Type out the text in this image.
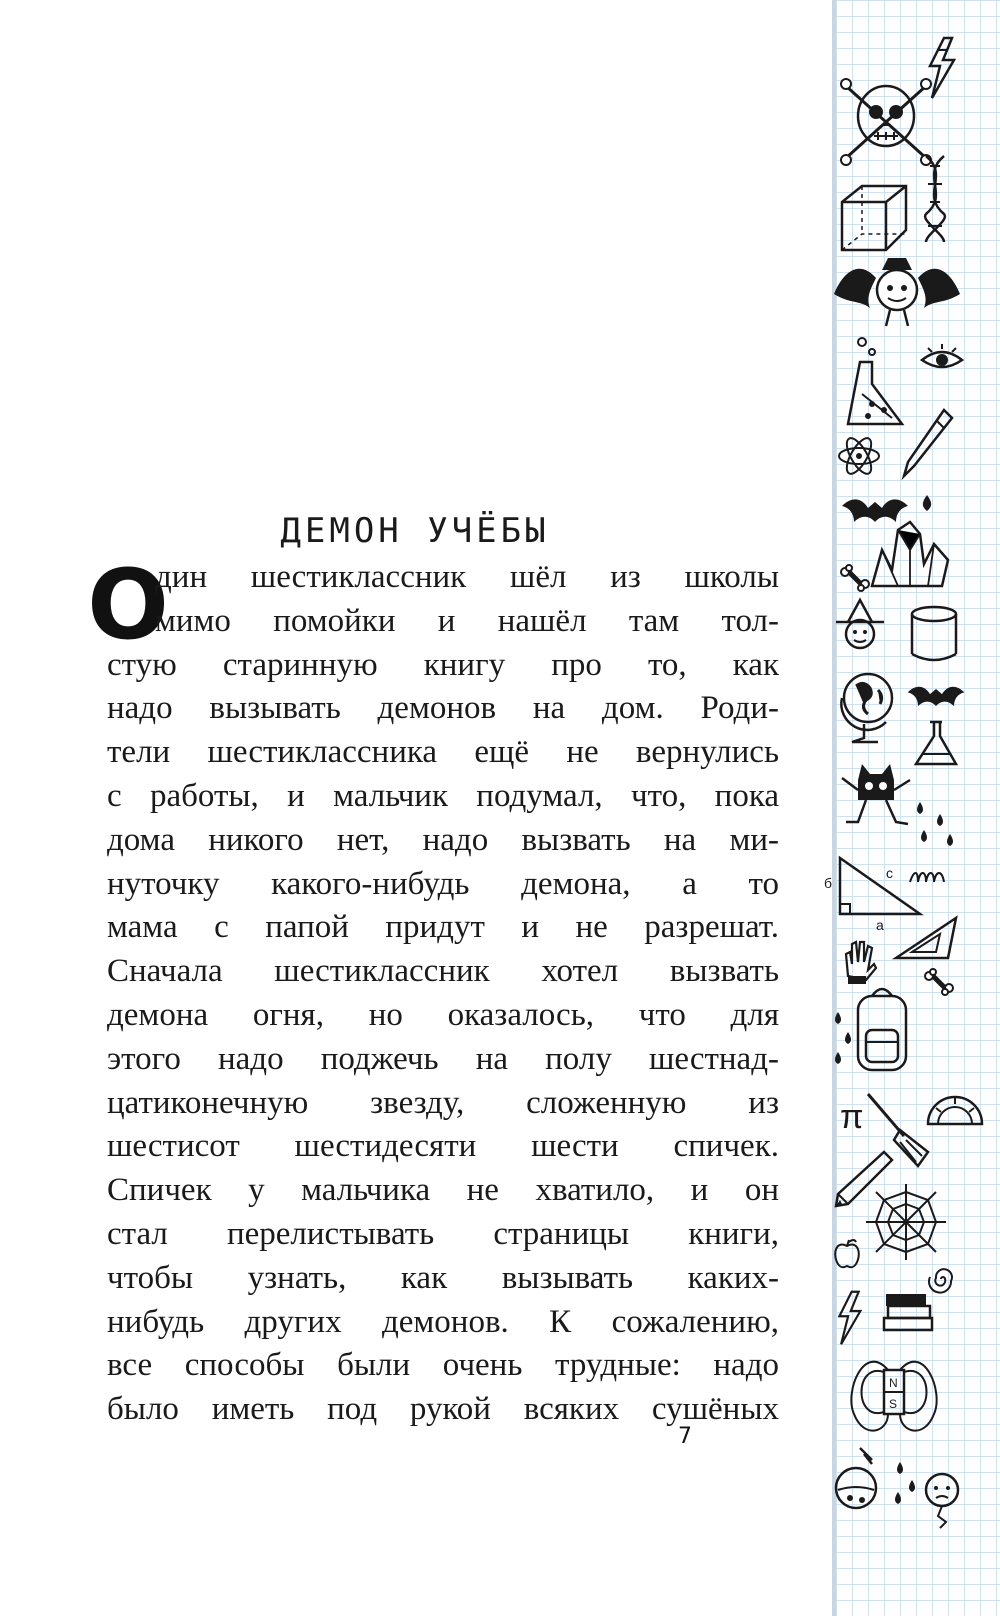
ДЕМОН УЧЁБЫ
О
дин шестиклассник шёл из школы
мимо помойки и нашёл там тол-
стую старинную книгу про то, как
надо вызывать демонов на дом. Роди-
тели шестиклассника ещё не вернулись
с работы, и мальчик подумал, что, пока
дома никого нет, надо вызвать на ми-
нуточку какого-нибудь демона, а то
мама с папой придут и не разрешат.
Сначала шестиклассник хотел вызвать
демона огня, но оказалось, что для
этого надо поджечь на полу шестнад-
цатиконечную звезду, сложенную из
шестисот шестидесяти шести спичек.
Спичек у мальчика не хватило, и он
стал перелистывать страницы книги,
чтобы узнать, как вызывать каких-
нибудь других демонов. К сожалению,
все способы были очень трудные: надо
было иметь под рукой всяких сушёных
7
б
с
а
π
N
S
